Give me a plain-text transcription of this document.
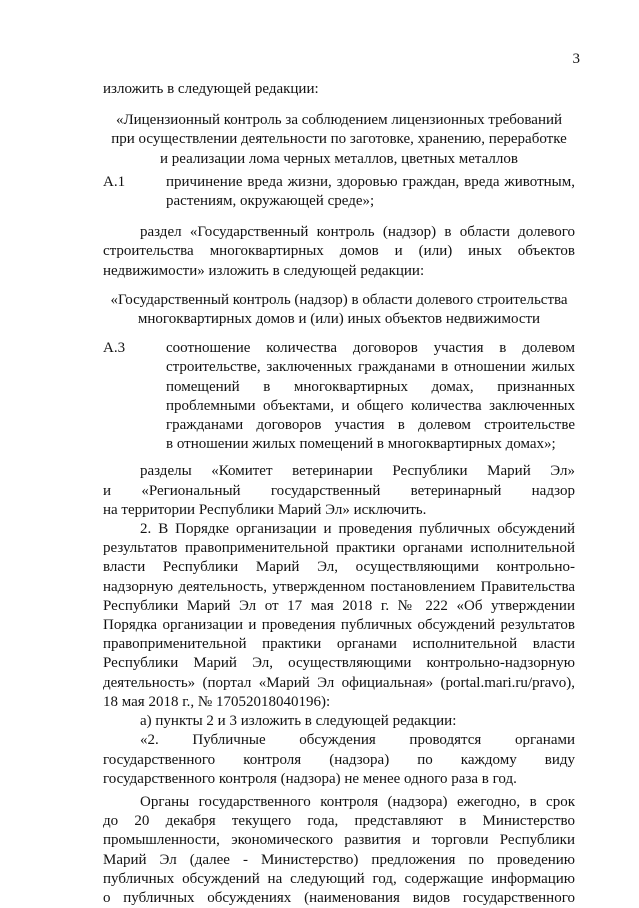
3

изложить в следующей редакции:

«Лицензионный контроль за соблюдением лицензионных требований
при осуществлении деятельности по заготовке, хранению, переработке
и реализации лома черных металлов, цветных металлов

А.1	причинение вреда жизни, здоровью граждан, вреда животным,
растениям, окружающей среде»;

раздел «Государственный контроль (надзор) в области долевого
строительства многоквартирных домов и (или) иных объектов
недвижимости» изложить в следующей редакции:

«Государственный контроль (надзор) в области долевого строительства
многоквартирных домов и (или) иных объектов недвижимости

А.3	соотношение количества договоров участия в долевом
строительстве, заключенных гражданами в отношении жилых
помещений в многоквартирных домах, признанных
проблемными объектами, и общего количества заключенных
гражданами договоров участия в долевом строительстве
в отношении жилых помещений в многоквартирных домах»;

разделы «Комитет ветеринарии Республики Марий Эл»
и «Региональный государственный ветеринарный надзор
на территории Республики Марий Эл» исключить.

2. В Порядке организации и проведения публичных обсуждений
результатов правоприменительной практики органами исполнительной
власти Республики Марий Эл, осуществляющими контрольно-
надзорную деятельность, утвержденном постановлением Правительства
Республики Марий Эл от 17 мая 2018 г. № 222 «Об утверждении
Порядка организации и проведения публичных обсуждений результатов
правоприменительной практики органами исполнительной власти
Республики Марий Эл, осуществляющими контрольно-надзорную
деятельность» (портал «Марий Эл официальная» (portal.mari.ru/pravo),
18 мая 2018 г., № 17052018040196):

а) пункты 2 и 3 изложить в следующей редакции:

«2. Публичные обсуждения проводятся органами
государственного контроля (надзора) по каждому виду
государственного контроля (надзора) не менее одного раза в год.

Органы государственного контроля (надзора) ежегодно, в срок
до 20 декабря текущего года, представляют в Министерство
промышленности, экономического развития и торговли Республики
Марий Эл (далее - Министерство) предложения по проведению
публичных обсуждений на следующий год, содержащие информацию
о публичных обсуждениях (наименования видов государственного
